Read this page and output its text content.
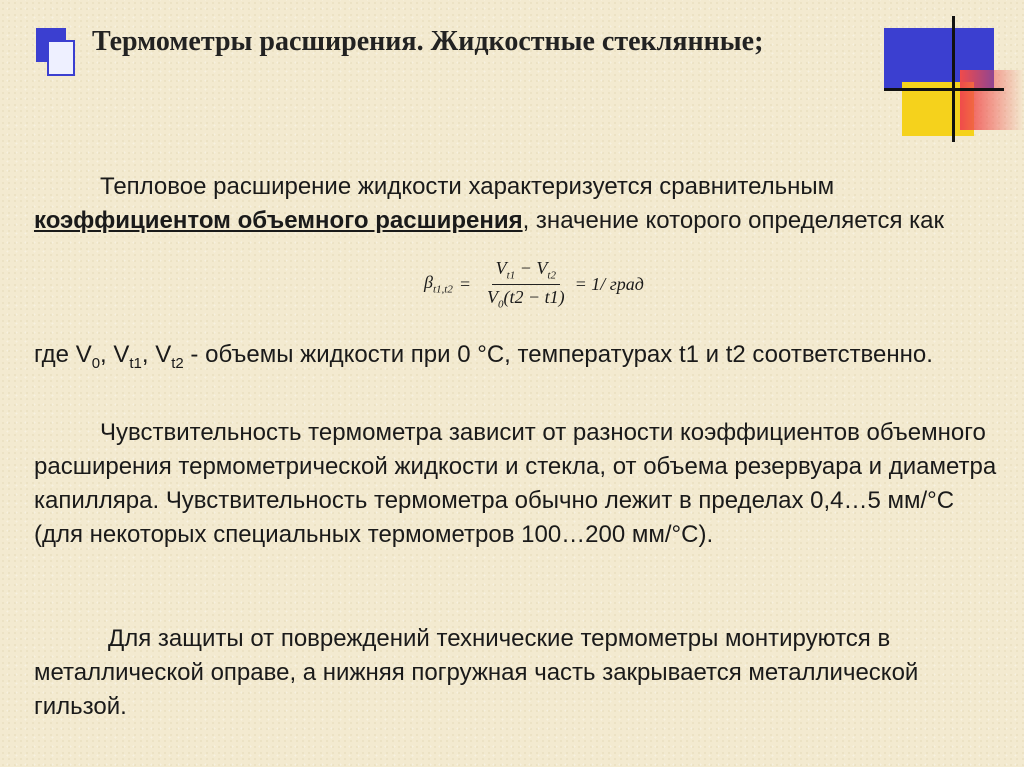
Термометры расширения. Жидкостные стеклянные;

Тепловое расширение жидкости характеризуется сравнительным коэффициентом объемного расширения, значение которого определяется как

$\beta_{t1,t2} = \frac{V_{t1} - V_{t2}}{V_0(t2 - t1)} = 1/$ град

где $V_0$, $V_{t1}$, $V_{t2}$ - объемы жидкости при 0 °С, температурах t1 и t2 соответственно.

Чувствительность термометра зависит от разности коэффициентов объемного расширения термометрической жидкости и стекла, от объема резервуара и диаметра капилляра. Чувствительность термометра обычно лежит в пределах 0,4…5 мм/°С (для некоторых специальных термометров 100…200 мм/°С).

Для защиты от повреждений технические термометры монтируются в металлической оправе, а нижняя погружная часть закрывается металлической гильзой.
